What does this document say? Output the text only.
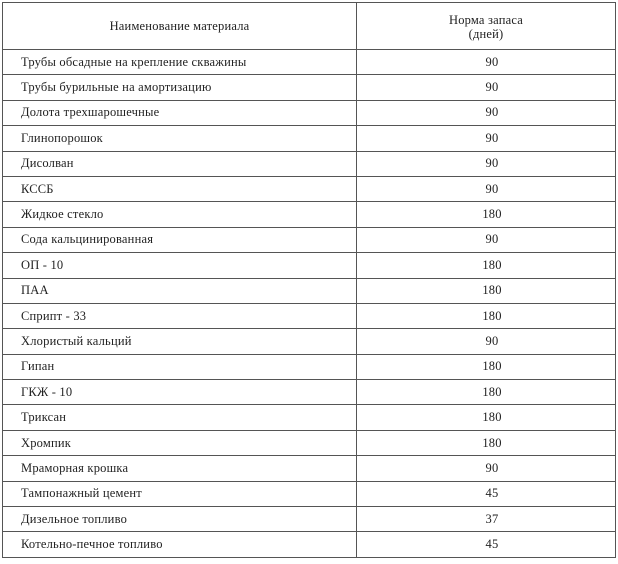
Наименование материала	Норма запаса
(дней)

Трубы обсадные на крепление скважины	90
Трубы бурильные на амортизацию	90
Долота трехшарошечные	90
Глинопорошок	90
Дисолван	90
КССБ	90
Жидкое стекло	180
Сода кальцинированная	90
ОП - 10	180
ПАА	180
Сприпт - 33	180
Хлористый кальций	90
Гипан	180
ГКЖ - 10	180
Триксан	180
Хромпик	180
Мраморная крошка	90
Тампонажный цемент	45
Дизельное топливо	37
Котельно-печное топливо	45
